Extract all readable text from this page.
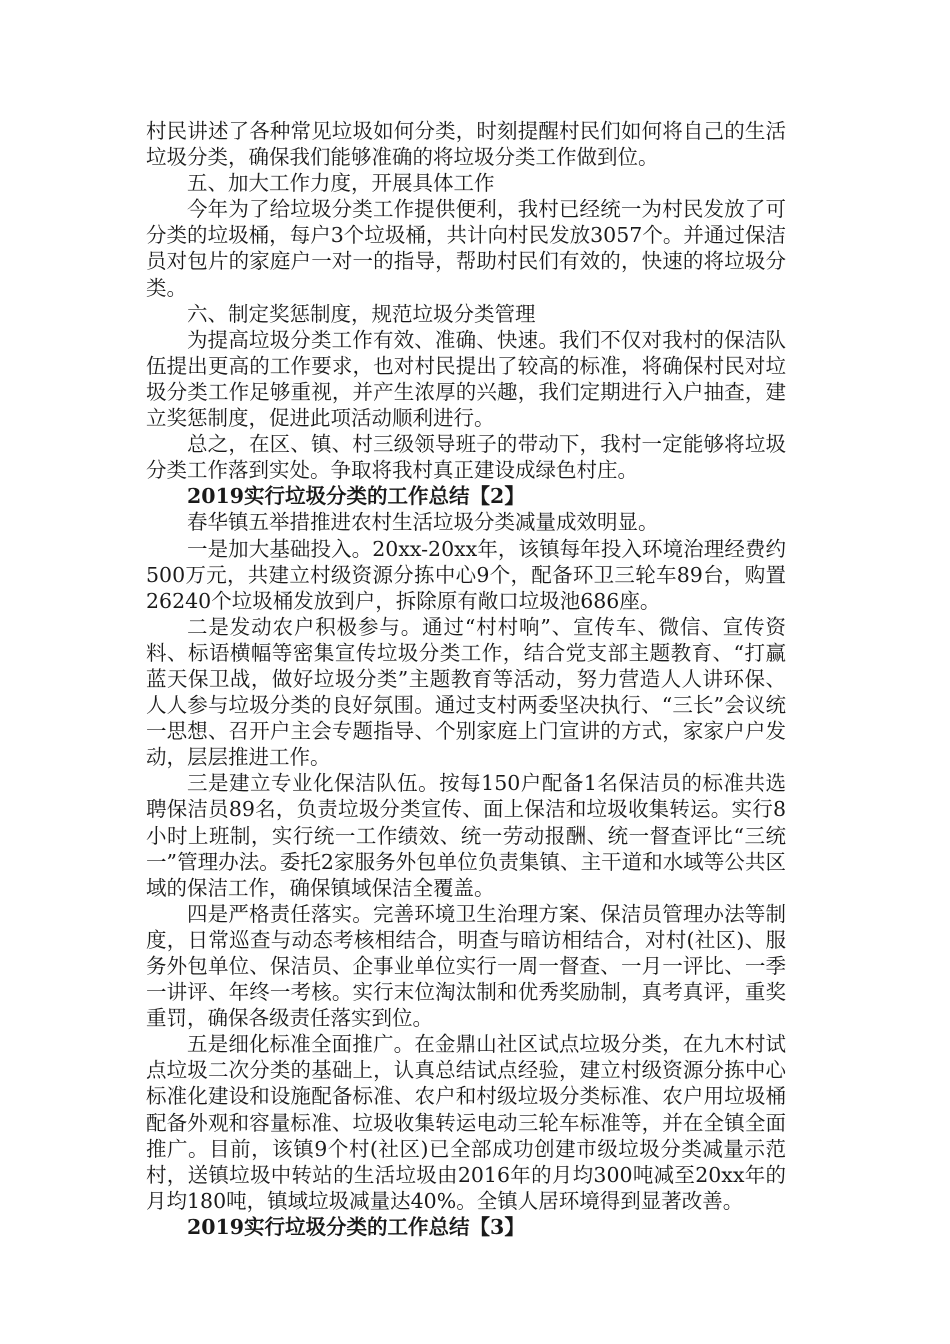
村民讲述了各种常见垃圾如何分类，时刻提醒村民们如何将自己的生活垃圾分类，确保我们能够准确的将垃圾分类工作做到位。

五、加大工作力度，开展具体工作

今年为了给垃圾分类工作提供便利，我村已经统一为村民发放了可分类的垃圾桶，每户3个垃圾桶，共计向村民发放3057个。并通过保洁员对包片的家庭户一对一的指导，帮助村民们有效的，快速的将垃圾分类。

六、制定奖惩制度，规范垃圾分类管理

为提高垃圾分类工作有效、准确、快速。我们不仅对我村的保洁队伍提出更高的工作要求，也对村民提出了较高的标准，将确保村民对垃圾分类工作足够重视，并产生浓厚的兴趣，我们定期进行入户抽查，建立奖惩制度，促进此项活动顺利进行。

总之，在区、镇、村三级领导班子的带动下，我村一定能够将垃圾分类工作落到实处。争取将我村真正建设成绿色村庄。

2019实行垃圾分类的工作总结【2】

春华镇五举措推进农村生活垃圾分类减量成效明显。

一是加大基础投入。20xx-20xx年，该镇每年投入环境治理经费约500万元，共建立村级资源分拣中心9个，配备环卫三轮车89台，购置26240个垃圾桶发放到户，拆除原有敞口垃圾池686座。

二是发动农户积极参与。通过“村村响”、宣传车、微信、宣传资料、标语横幅等密集宣传垃圾分类工作，结合党支部主题教育、“打赢蓝天保卫战，做好垃圾分类”主题教育等活动，努力营造人人讲环保、人人参与垃圾分类的良好氛围。通过支村两委坚决执行、“三长”会议统一思想、召开户主会专题指导、个别家庭上门宣讲的方式，家家户户发动，层层推进工作。

三是建立专业化保洁队伍。按每150户配备1名保洁员的标准共选聘保洁员89名，负责垃圾分类宣传、面上保洁和垃圾收集转运。实行8小时上班制，实行统一工作绩效、统一劳动报酬、统一督查评比“三统一”管理办法。委托2家服务外包单位负责集镇、主干道和水域等公共区域的保洁工作，确保镇域保洁全覆盖。

四是严格责任落实。完善环境卫生治理方案、保洁员管理办法等制度，日常巡查与动态考核相结合，明查与暗访相结合，对村(社区)、服务外包单位、保洁员、企事业单位实行一周一督查、一月一评比、一季一讲评、年终一考核。实行末位淘汰制和优秀奖励制，真考真评，重奖重罚，确保各级责任落实到位。

五是细化标准全面推广。在金鼎山社区试点垃圾分类，在九木村试点垃圾二次分类的基础上，认真总结试点经验，建立村级资源分拣中心标准化建设和设施配备标准、农户和村级垃圾分类标准、农户用垃圾桶配备外观和容量标准、垃圾收集转运电动三轮车标准等，并在全镇全面推广。目前，该镇9个村(社区)已全部成功创建市级垃圾分类减量示范村，送镇垃圾中转站的生活垃圾由2016年的月均300吨减至20xx年的月均180吨，镇域垃圾减量达40%。全镇人居环境得到显著改善。

2019实行垃圾分类的工作总结【3】
